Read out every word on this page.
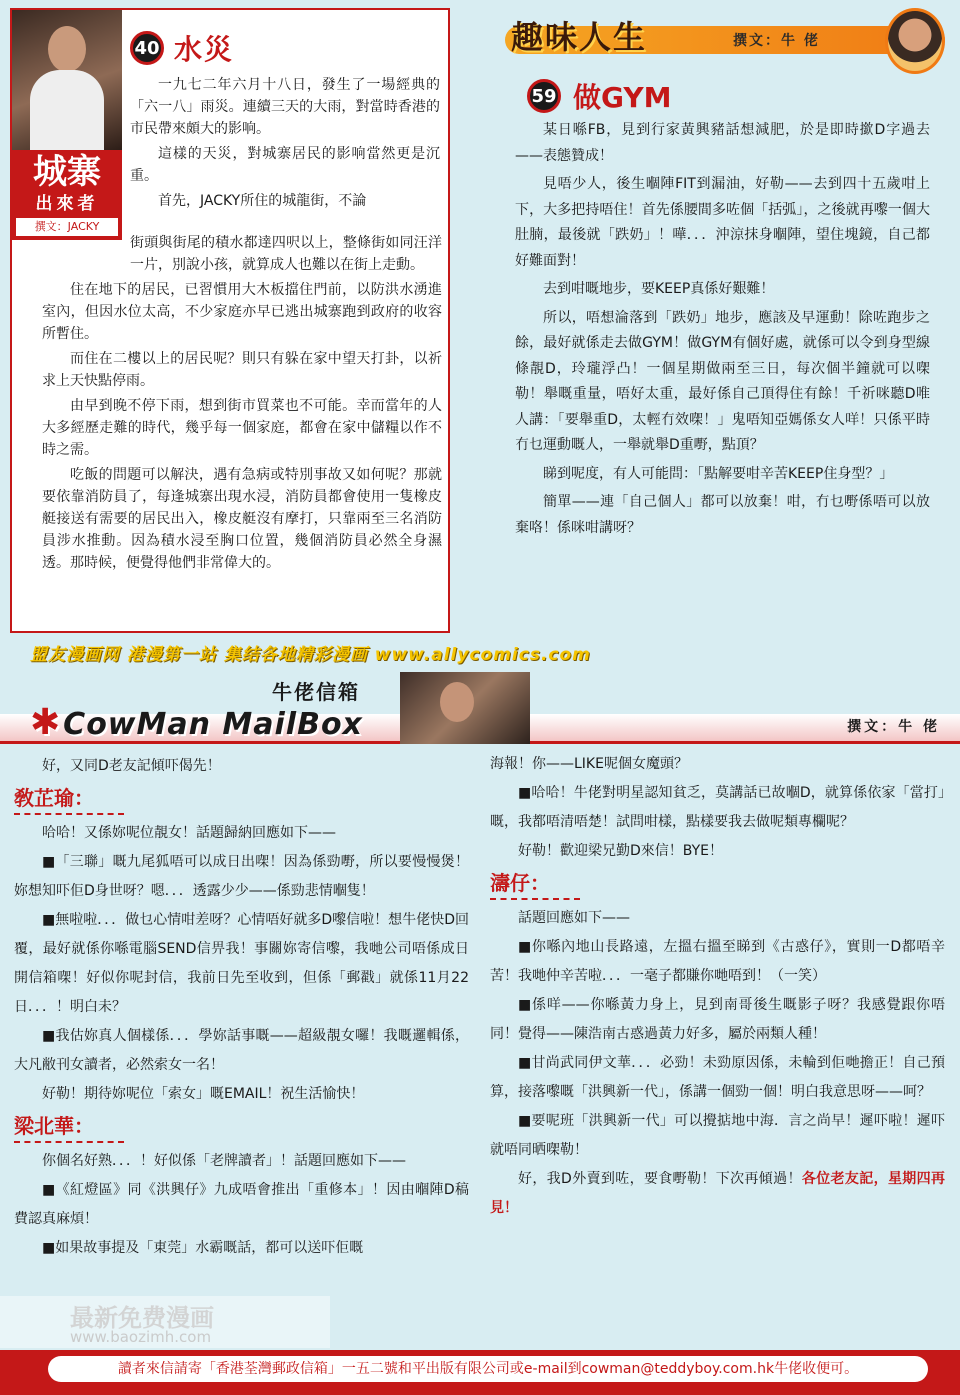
城寨
出來者
撰文：JACKY
40 水災

一九七二年六月十八日，發生了一場經典的「六一八」雨災。連續三天的大雨，對當時香港的市民帶來頗大的影响。

這樣的天災，對城寨居民的影响當然更是沉重。

首先，JACKY所住的城龍街，不論

街頭與街尾的積水都達四呎以上，整條街如同汪洋一片，別說小孩，就算成人也難以在街上走動。

住在地下的居民，已習慣用大木板擋住門前，以防洪水湧進室內，但因水位太高，不少家庭亦早已逃出城寨跑到政府的收容所暫住。

而住在二樓以上的居民呢？則只有躲在家中望天打卦，以祈求上天快點停雨。

由早到晚不停下雨，想到街市買菜也不可能。幸而當年的人大多經歷走難的時代，幾乎每一個家庭，都會在家中儲糧以作不時之需。

吃飯的問題可以解決，遇有急病或特別事故又如何呢？那就要依靠消防員了，每逢城寨出現水浸，消防員都會使用一隻橡皮艇接送有需要的居民出入，橡皮艇沒有摩打，只靠兩至三名消防員涉水推動。因為積水浸至胸口位置，幾個消防員必然全身濕透。那時候，便覺得他們非常偉大的。

趣味人生	撰文：牛 佬
59 做GYM

某日喺FB，見到行家黃興豬話想減肥，於是即時撳D字過去——表態贊成！

見唔少人，後生嗰陣FIT到漏油，好勒——去到四十五歲咁上下，大多把持唔住！首先係腰間多咗個「括弧」，之後就再嚟一個大肚腩，最後就「跌奶」！嘩．．．沖涼抹身嗰陣，望住塊鏡，自己都好難面對！

去到咁嘅地步，要KEEP真係好艱難！

所以，唔想淪落到「跌奶」地步，應該及早運動！除咗跑步之餘，最好就係走去做GYM！做GYM有個好處，就係可以令到身型線條靚D，玲瓏浮凸！一個星期做兩至三日，每次個半鐘就可以㗎勒！舉嘅重量，唔好太重，最好係自己頂得住有餘！千祈咪聽D唯人講：「要舉重D，太輕冇效㗎！」鬼唔知亞媽係女人咩！只係平時冇乜運動嘅人，一舉就舉D重嘢，點頂？

睇到呢度，有人可能問：「點解要咁辛苦KEEP住身型？」

簡單——連「自己個人」都可以放棄！咁，冇乜嘢係唔可以放棄咯！係咪咁講呀？

盟友漫画网 港漫第一站 集结各地精彩漫画 www.allycomics.com
牛佬信箱
✱CowMan MailBox	撰文：牛 佬

好，又同D老友記傾吓偈先！

敎芷瑜：

哈哈！又係妳呢位靚女！話題歸納回應如下——

■「三聯」嘅九尾狐唔可以成日出㗎！因為係勁嘢，所以要慢慢煲！妳想知吓佢D身世呀？嗯．．．透露少少——係勁悲情嗰隻！

■無啦啦．．．做乜心情咁差呀？心情唔好就多D嚟信啦！想牛佬快D回覆，最好就係你喺電腦SEND信畀我！事關妳寄信嚟，我哋公司唔係成日開信箱㗎！好似你呢封信，我前日先至收到，但係「郵戳」就係11月22日．．．！明白未？

■我估妳真人個樣係．．．學妳話事嘅——超級靚女囉！我嘅邏輯係，大凡敝刊女讀者，必然索女一名！

好勒！期待妳呢位「索女」嘅EMAIL！祝生活愉快！

梁北華：

你個名好熟．．．！好似係「老牌讀者」！話題回應如下——

■《紅燈區》同《洪興仔》九成唔會推出「重修本」！因由嗰陣D稿費認真麻煩！

■如果故事提及「東莞」水霸嘅話，都可以送吓佢嘅

海報！你——LIKE呢個女魔頭？

■哈哈！牛佬對明星認知貧乏，莫講話已故嗰D，就算係依家「當打」嘅，我都唔清唔楚！試問咁樣，點樣要我去做呢類專欄呢？

好勒！歡迎梁兄勤D來信！BYE！

濤仔：

話題回應如下——

■你喺內地山長路遠，左搵右搵至睇到《古惑仔》，實則一D都唔辛苦！我哋仲辛苦啦．．．一毫子都賺你哋唔到！（一笑）

■係咩——你喺黃力身上，見到南哥後生嘅影子呀？我感覺跟你唔同！覺得——陳浩南古惑過黃力好多，屬於兩類人種！

■甘尚武同伊文華．．．必勁！未勁原因係，未輪到佢哋擔正！自己預算，接落嚟嘅「洪興新一代」，係講一個勁一個！明白我意思呀——呵？

■要呢班「洪興新一代」可以攪掂地中海．言之尚早！遲吓啦！遲吓就唔同晒㗎勒！

好，我D外賣到咗，要食嘢勒！下次再傾過！各位老友記，星期四再見！

最新免费漫画
www.baozimh.com
讀者來信請寄「香港荃灣郵政信箱」一五二號和平出版有限公司或e-mail到cowman@teddyboy.com.hk牛佬收便可。
